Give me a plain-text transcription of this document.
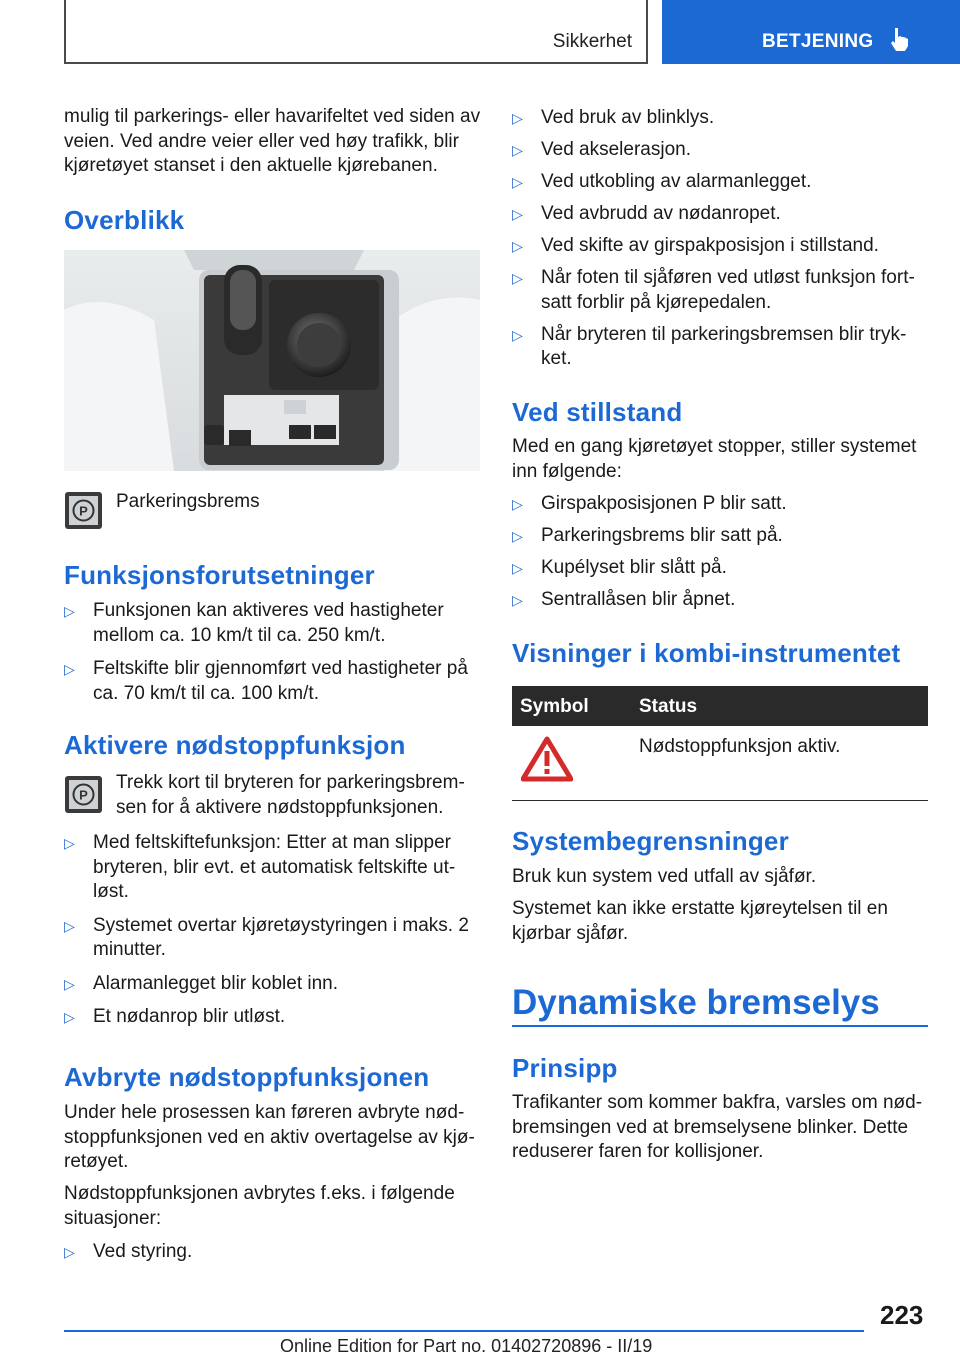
Sikkerhet	BETJENING

mulig til parkerings- eller havarifeltet ved siden av veien. Ved andre veier eller ved høy trafikk, blir kjøretøyet stanset i den aktuelle kjørebanen.

Overblikk
P Parkeringsbrems

Funksjonsforutsetninger
▷ Funksjonen kan aktiveres ved hastigheter mellom ca. 10 km/t til ca. 250 km/t.
▷ Feltskifte blir gjennomført ved hastigheter på ca. 70 km/t til ca. 100 km/t.
Aktivere nødstoppfunksjon
P

Trekk kort til bryteren for parkeringsbremsen for å aktivere nødstoppfunksjonen.

▷ Med feltskiftefunksjon: Etter at man slipper bryteren, blir evt. et automatisk feltskifte utløst.
▷ Systemet overtar kjøretøystyringen i maks. 2 minutter.
▷ Alarmanlegget blir koblet inn.
▷ Et nødanrop blir utløst.
Avbryte nødstoppfunksjonen

Under hele prosessen kan føreren avbryte nødstoppfunksjonen ved en aktiv overtagelse av kjøretøyet.

Nødstoppfunksjonen avbrytes f.eks. i følgende situasjoner:

▷ Ved styring.
▷ Ved bruk av blinklys.
▷ Ved akselerasjon.
▷ Ved utkobling av alarmanlegget.
▷ Ved avbrudd av nødanropet.
▷ Ved skifte av girspakposisjon i stillstand.
▷ Når foten til sjåføren ved utløst funksjon fortsatt forblir på kjørepedalen.
▷ Når bryteren til parkeringsbremsen blir trykket.
Ved stillstand

Med en gang kjøretøyet stopper, stiller systemet inn følgende:

▷ Girspakposisjonen P blir satt.
▷ Parkeringsbrems blir satt på.
▷ Kupélyset blir slått på.
▷ Sentrallåsen blir åpnet.
Visninger i kombi-instrumentet
Symbol	Status

Nødstoppfunksjon aktiv.

Systembegrensninger

Bruk kun system ved utfall av sjåfør.

Systemet kan ikke erstatte kjøreytelsen til en kjørbar sjåfør.

Dynamiske bremselys
Prinsipp

Trafikanter som kommer bakfra, varsles om nødbremsingen ved at bremselysene blinker. Dette reduserer faren for kollisjoner.

223
Online Edition for Part no. 01402720896 - II/19
